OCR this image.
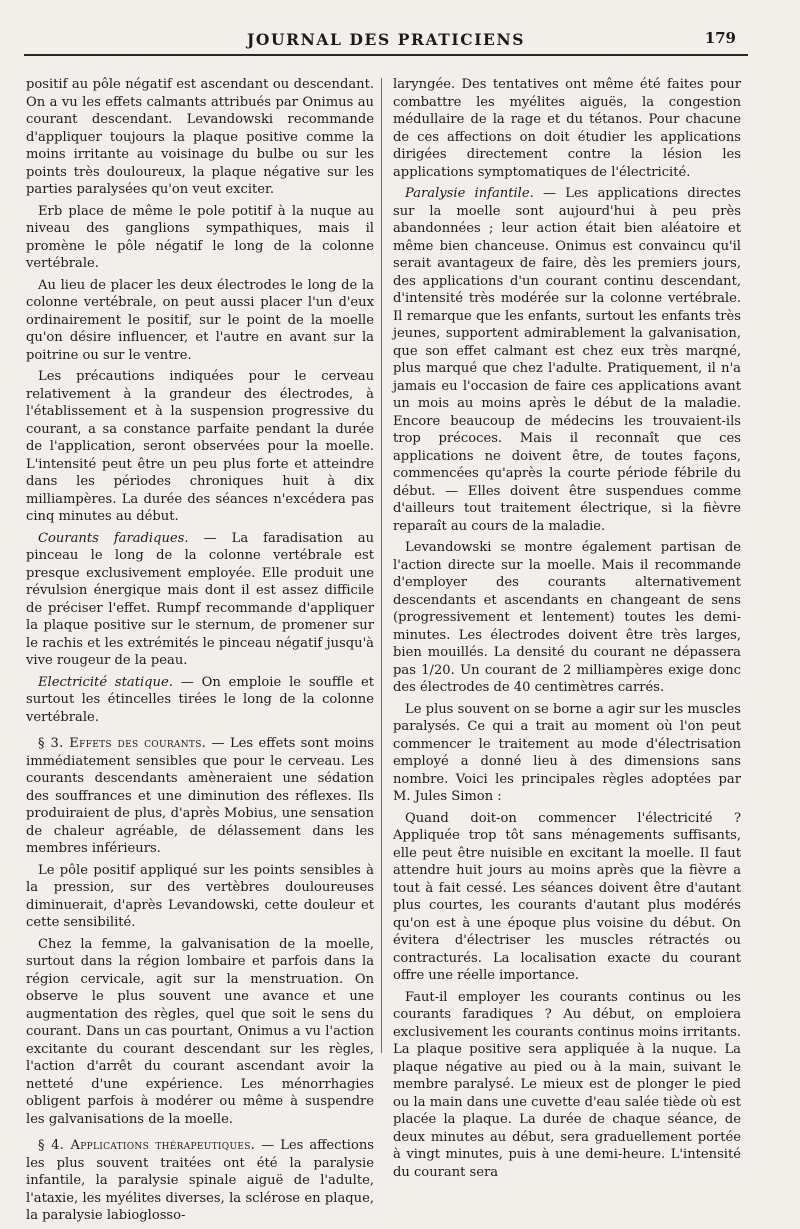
JOURNAL DES PRATICIENS	179

positif au pôle négatif est ascendant ou descendant. On a vu les effets calmants attribués par Onimus au courant descendant. Levandowski recommande d'appliquer toujours la plaque positive comme la moins irritante au voisinage du bulbe ou sur les points très douloureux, la plaque négative sur les parties paralysées qu'on veut exciter.

Erb place de même le pole potitif à la nuque au niveau des ganglions sympathiques, mais il promène le pôle négatif le long de la colonne vertébrale.

Au lieu de placer les deux électrodes le long de la colonne vertébrale, on peut aussi placer l'un d'eux ordinairement le positif, sur le point de la moelle qu'on désire influencer, et l'autre en avant sur la poitrine ou sur le ventre.

Les précautions indiquées pour le cerveau relativement à la grandeur des électrodes, à l'établissement et à la suspension progressive du courant, a sa constance parfaite pendant la durée de l'application, seront observées pour la moelle. L'intensité peut être un peu plus forte et atteindre dans les périodes chroniques huit à dix milliampères. La durée des séances n'excédera pas cinq minutes au début.

Courants faradiques. — La faradisation au pinceau le long de la colonne vertébrale est presque exclusivement employée. Elle produit une révulsion énergique mais dont il est assez difficile de préciser l'effet. Rumpf recommande d'appliquer la plaque positive sur le sternum, de promener sur le rachis et les extrémités le pinceau négatif jusqu'à vive rougeur de la peau.

Electricité statique. — On emploie le souffle et surtout les étincelles tirées le long de la colonne vertébrale.

§ 3. Effets des courants. — Les effets sont moins immédiatement sensibles que pour le cerveau. Les courants descendants amèneraient une sédation des souffrances et une diminution des réflexes. Ils produiraient de plus, d'après Mobius, une sensation de chaleur agréable, de délassement dans les membres inférieurs.

Le pôle positif appliqué sur les points sensibles à la pression, sur des vertèbres douloureuses diminuerait, d'après Levandowski, cette douleur et cette sensibilité.

Chez la femme, la galvanisation de la moelle, surtout dans la région lombaire et parfois dans la région cervicale, agit sur la menstruation. On observe le plus souvent une avance et une augmentation des règles, quel que soit le sens du courant. Dans un cas pourtant, Onimus a vu l'action excitante du courant descendant sur les règles, l'action d'arrêt du courant ascendant avoir la netteté d'une expérience. Les ménorrhagies obligent parfois à modérer ou même à suspendre les galvanisations de la moelle.

§ 4. Applications thérapeutiques. — Les affections les plus souvent traitées ont été la paralysie infantile, la paralysie spinale aiguë de l'adulte, l'ataxie, les myélites diverses, la sclérose en plaque, la paralysie labioglosso-

laryngée. Des tentatives ont même été faites pour combattre les myélites aiguës, la congestion médullaire de la rage et du tétanos. Pour chacune de ces affections on doit étudier les applications dirigées directement contre la lésion les applications symptomatiques de l'électricité.

Paralysie infantile. — Les applications directes sur la moelle sont aujourd'hui à peu près abandonnées ; leur action était bien aléatoire et même bien chanceuse. Onimus est convaincu qu'il serait avantageux de faire, dès les premiers jours, des applications d'un courant continu descendant, d'intensité très modérée sur la colonne vertébrale. Il remarque que les enfants, surtout les enfants très jeunes, supportent admirablement la galvanisation, que son effet calmant est chez eux très marqné, plus marqué que chez l'adulte. Pratiquement, il n'a jamais eu l'occasion de faire ces applications avant un mois au moins après le début de la maladie. Encore beaucoup de médecins les trouvaient-ils trop précoces. Mais il reconnaît que ces applications ne doivent être, de toutes façons, commencées qu'après la courte période fébrile du début. — Elles doivent être suspendues comme d'ailleurs tout traitement électrique, si la fièvre reparaît au cours de la maladie.

Levandowski se montre également partisan de l'action directe sur la moelle. Mais il recommande d'employer des courants alternativement descendants et ascendants en changeant de sens (progressivement et lentement) toutes les demi-minutes. Les électrodes doivent être très larges, bien mouillés. La densité du courant ne dépassera pas 1/20. Un courant de 2 milliampères exige donc des électrodes de 40 centimètres carrés.

Le plus souvent on se borne a agir sur les muscles paralysés. Ce qui a trait au moment où l'on peut commencer le traitement au mode d'électrisation employé a donné lieu à des dimensions sans nombre. Voici les principales règles adoptées par M. Jules Simon :

Quand doit-on commencer l'électricité ? Appliquée trop tôt sans ménagements suffisants, elle peut être nuisible en excitant la moelle. Il faut attendre huit jours au moins après que la fièvre a tout à fait cessé. Les séances doivent être d'autant plus courtes, les courants d'autant plus modérés qu'on est à une époque plus voisine du début. On évitera d'électriser les muscles rétractés ou contracturés. La localisation exacte du courant offre une réelle importance.

Faut-il employer les courants continus ou les courants faradiques ? Au début, on emploiera exclusivement les courants continus moins irritants. La plaque positive sera appliquée à la nuque. La plaque négative au pied ou à la main, suivant le membre paralysé. Le mieux est de plonger le pied ou la main dans une cuvette d'eau salée tiède où est placée la plaque. La durée de chaque séance, de deux minutes au début, sera graduellement portée à vingt minutes, puis à une demi-heure. L'intensité du courant sera
